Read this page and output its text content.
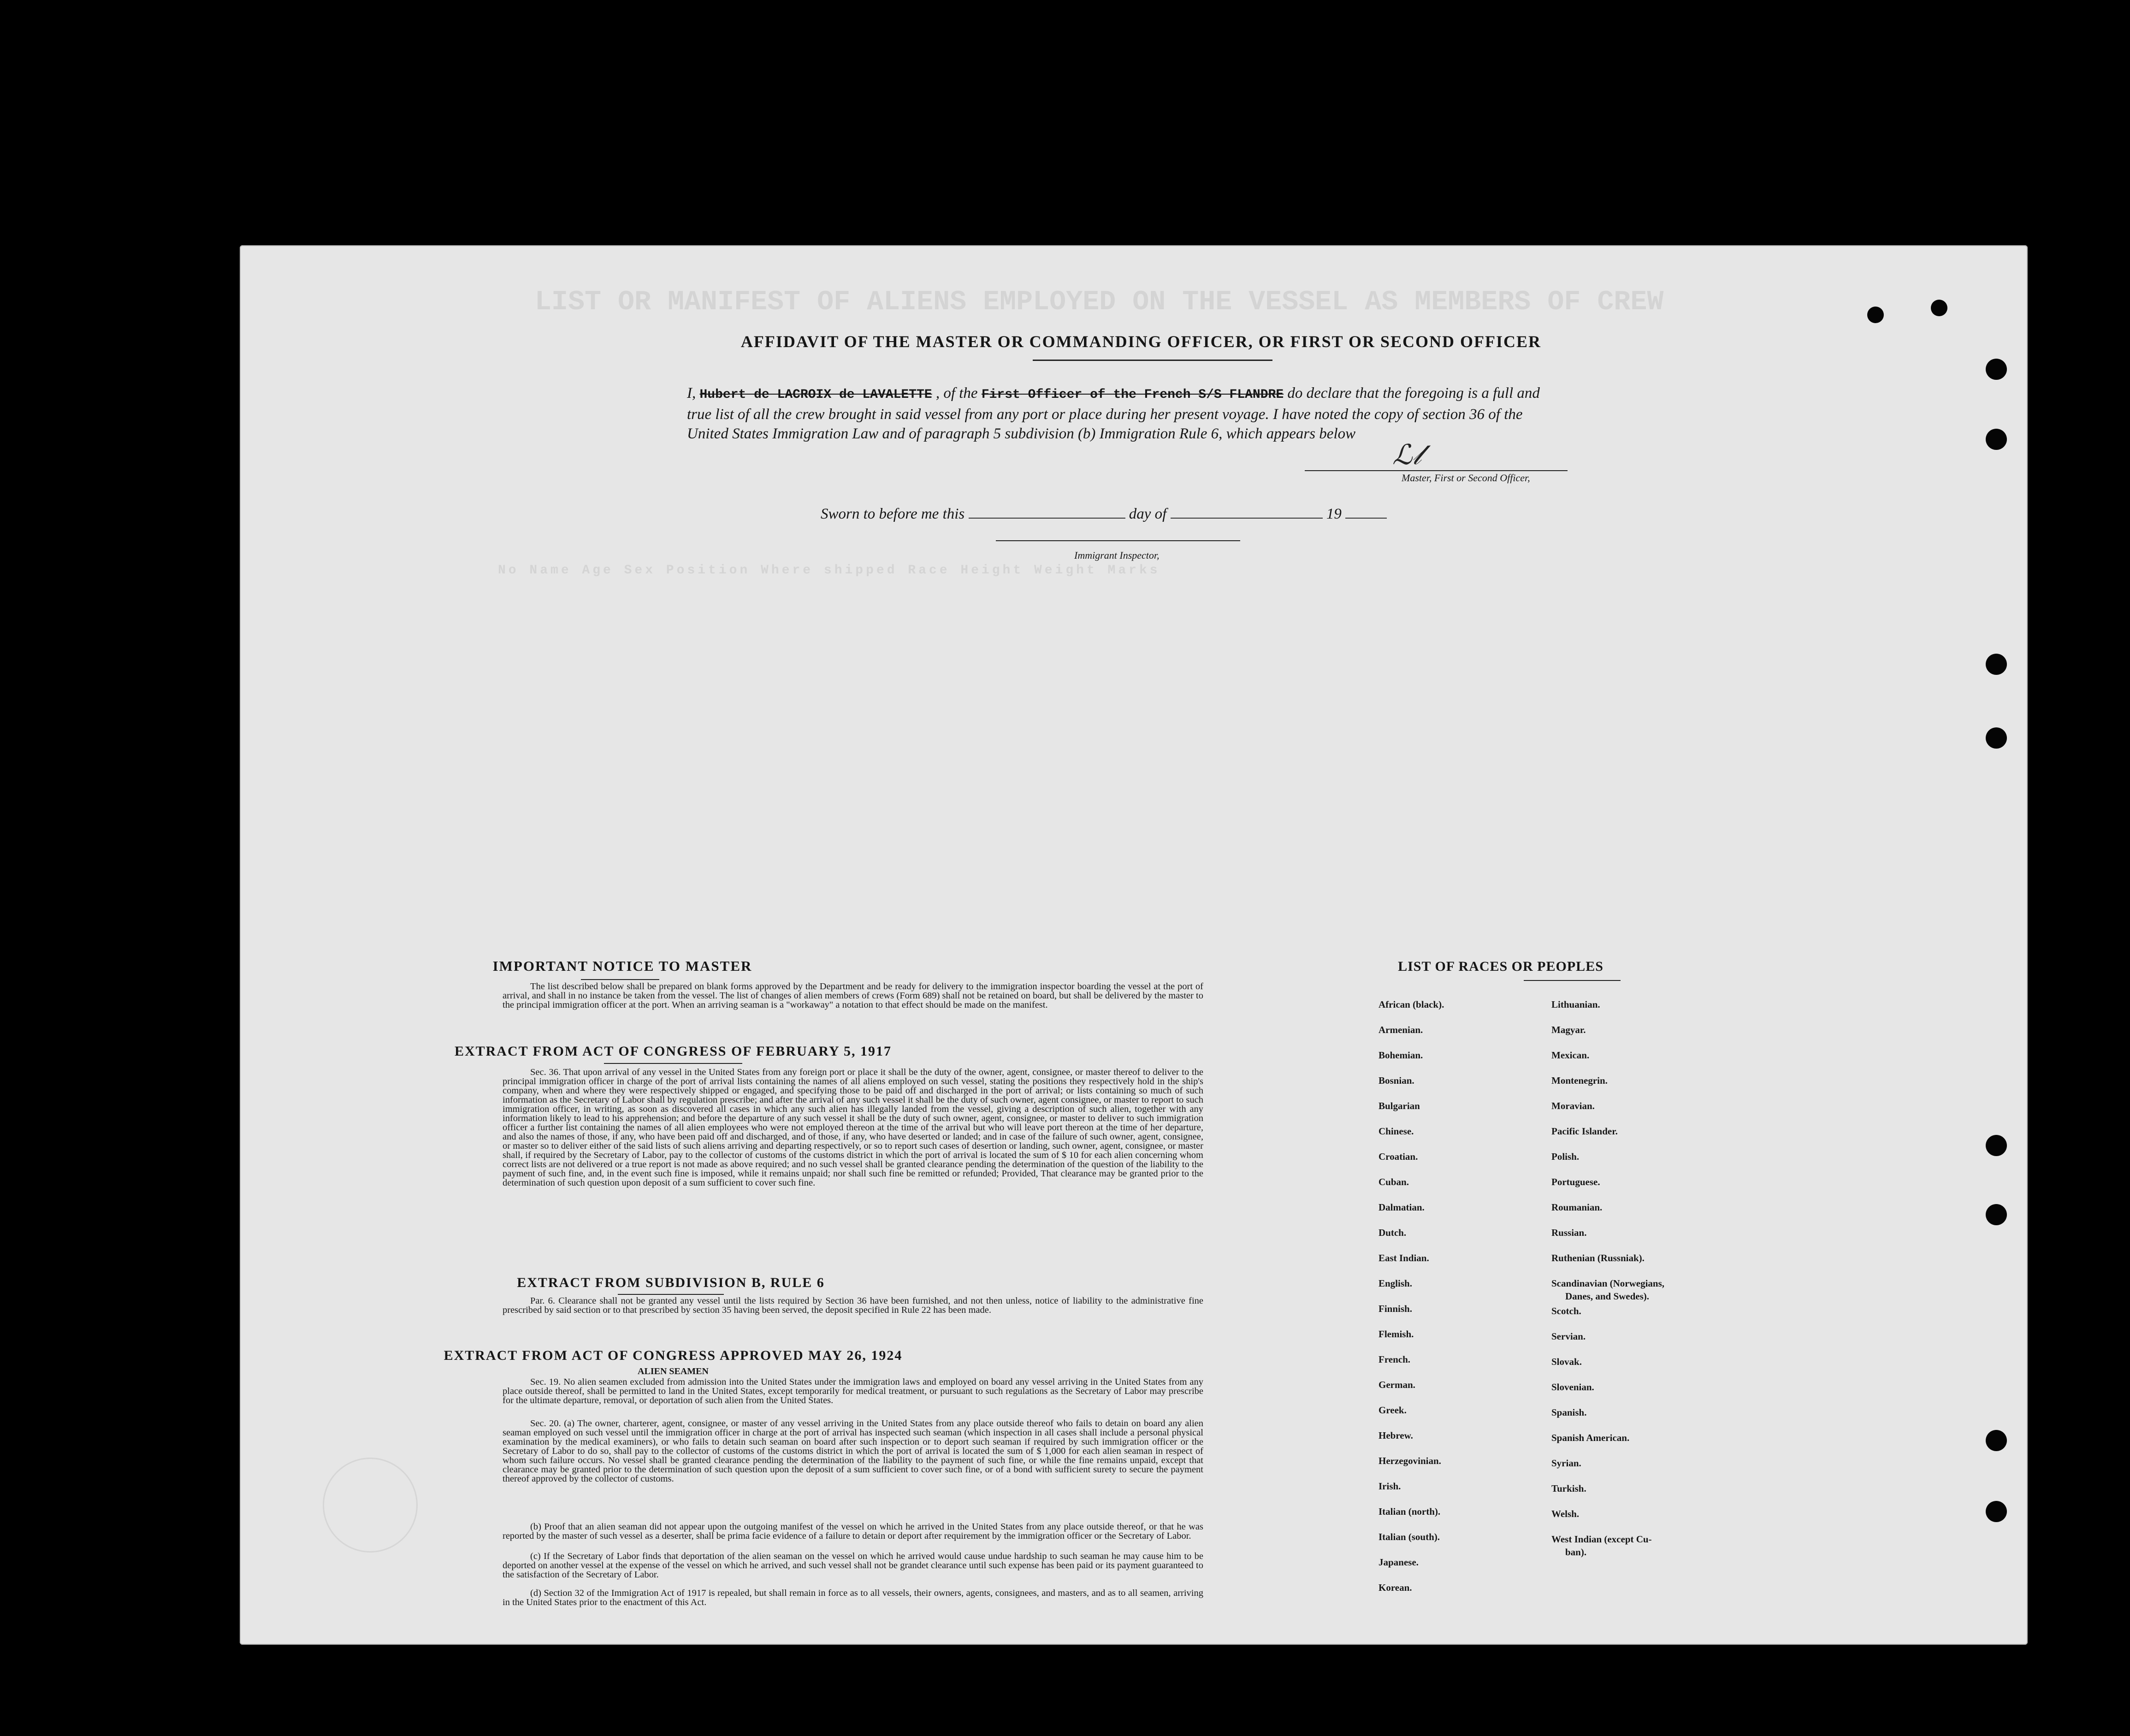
LIST OR MANIFEST OF ALIENS EMPLOYED ON THE VESSEL AS MEMBERS OF CREW
No Name Age Sex Position Where shipped Race Height Weight Marks
AFFIDAVIT OF THE MASTER OR COMMANDING OFFICER, OR FIRST OR SECOND OFFICER
I, Hubert de LACROIX de LAVALETTE , of the First Officer of the French S/S FLANDRE do declare that the foregoing is a full and true list of all the crew brought in said vessel from any port or place during her present voyage. I have noted the copy of section 36 of the United States Immigration Law and of paragraph 5 subdivision (b) Immigration Rule 6, which appears below
ℒ𝓁
Master, First or Second Officer,
Sworn to before me this	day of	19
Immigrant Inspector,
IMPORTANT NOTICE TO MASTER
The list described below shall be prepared on blank forms approved by the Department and be ready for delivery to the immigration inspector boarding the vessel at the port of arrival, and shall in no instance be taken from the vessel. The list of changes of alien members of crews (Form 689) shall not be retained on board, but shall be delivered by the master to the principal immigration officer at the port. When an arriving seaman is a "workaway" a notation to that effect should be made on the manifest.
EXTRACT FROM ACT OF CONGRESS OF FEBRUARY 5, 1917
Sec. 36. That upon arrival of any vessel in the United States from any foreign port or place it shall be the duty of the owner, agent, consignee, or master thereof to deliver to the principal immigration officer in charge of the port of arrival lists containing the names of all aliens employed on such vessel, stating the positions they respectively hold in the ship's company, when and where they were respectively shipped or engaged, and specifying those to be paid off and discharged in the port of arrival; or lists containing so much of such information as the Secretary of Labor shall by regulation prescribe; and after the arrival of any such vessel it shall be the duty of such owner, agent consignee, or master to report to such immigration officer, in writing, as soon as discovered all cases in which any such alien has illegally landed from the vessel, giving a description of such alien, together with any information likely to lead to his apprehension; and before the departure of any such vessel it shall be the duty of such owner, agent, consignee, or master to deliver to such immigration officer a further list containing the names of all alien employees who were not employed thereon at the time of the arrival but who will leave port thereon at the time of her departure, and also the names of those, if any, who have been paid off and discharged, and of those, if any, who have deserted or landed; and in case of the failure of such owner, agent, consignee, or master so to deliver either of the said lists of such aliens arriving and departing respectively, or so to report such cases of desertion or landing, such owner, agent, consignee, or master shall, if required by the Secretary of Labor, pay to the collector of customs of the customs district in which the port of arrival is located the sum of $ 10 for each alien concerning whom correct lists are not delivered or a true report is not made as above required; and no such vessel shall be granted clearance pending the determination of the question of the liability to the payment of such fine, and, in the event such fine is imposed, while it remains unpaid; nor shall such fine be remitted or refunded; Provided, That clearance may be granted prior to the determination of such question upon deposit of a sum sufficient to cover such fine.
EXTRACT FROM SUBDIVISION B, RULE 6
Par. 6. Clearance shall not be granted any vessel until the lists required by Section 36 have been furnished, and not then unless, notice of liability to the administrative fine prescribed by said section or to that prescribed by section 35 having been served, the deposit specified in Rule 22 has been made.
EXTRACT FROM ACT OF CONGRESS APPROVED MAY 26, 1924
ALIEN SEAMEN
Sec. 19. No alien seamen excluded from admission into the United States under the immigration laws and employed on board any vessel arriving in the United States from any place outside thereof, shall be permitted to land in the United States, except temporarily for medical treatment, or pursuant to such regulations as the Secretary of Labor may prescribe for the ultimate departure, removal, or deportation of such alien from the United States.
Sec. 20. (a) The owner, charterer, agent, consignee, or master of any vessel arriving in the United States from any place outside thereof who fails to detain on board any alien seaman employed on such vessel until the immigration officer in charge at the port of arrival has inspected such seaman (which inspection in all cases shall include a personal physical examination by the medical examiners), or who fails to detain such seaman on board after such inspection or to deport such seaman if required by such immigration officer or the Secretary of Labor to do so, shall pay to the collector of customs of the customs district in which the port of arrival is located the sum of $ 1,000 for each alien seaman in respect of whom such failure occurs. No vessel shall be granted clearance pending the determination of the liability to the payment of such fine, or while the fine remains unpaid, except that clearance may be granted prior to the determination of such question upon the deposit of a sum sufficient to cover such fine, or of a bond with sufficient surety to secure the payment thereof approved by the collector of customs.
(b) Proof that an alien seaman did not appear upon the outgoing manifest of the vessel on which he arrived in the United States from any place outside thereof, or that he was reported by the master of such vessel as a deserter, shall be prima facie evidence of a failure to detain or deport after requirement by the immigration officer or the Secretary of Labor.
(c) If the Secretary of Labor finds that deportation of the alien seaman on the vessel on which he arrived would cause undue hardship to such seaman he may cause him to be deported on another vessel at the expense of the vessel on which he arrived, and such vessel shall not be grandet clearance until such expense has been paid or its payment guaranteed to the satisfaction of the Secretary of Labor.
(d) Section 32 of the Immigration Act of 1917 is repealed, but shall remain in force as to all vessels, their owners, agents, consignees, and masters, and as to all seamen, arriving in the United States prior to the enactment of this Act.
LIST OF RACES OR PEOPLES
African (black).
Armenian.
Bohemian.
Bosnian.
Bulgarian
Chinese.
Croatian.
Cuban.
Dalmatian.
Dutch.
East Indian.
English.
Finnish.
Flemish.
French.
German.
Greek.
Hebrew.
Herzegovinian.
Irish.
Italian (north).
Italian (south).
Japanese.
Korean.
Lithuanian.
Magyar.
Mexican.
Montenegrin.
Moravian.
Pacific Islander.
Polish.
Portuguese.
Roumanian.
Russian.
Ruthenian (Russniak).
Scandinavian (Norwegians,
Danes, and Swedes).
Scotch.
Servian.
Slovak.
Slovenian.
Spanish.
Spanish American.
Syrian.
Turkish.
Welsh.
West Indian (except Cu-
ban).
